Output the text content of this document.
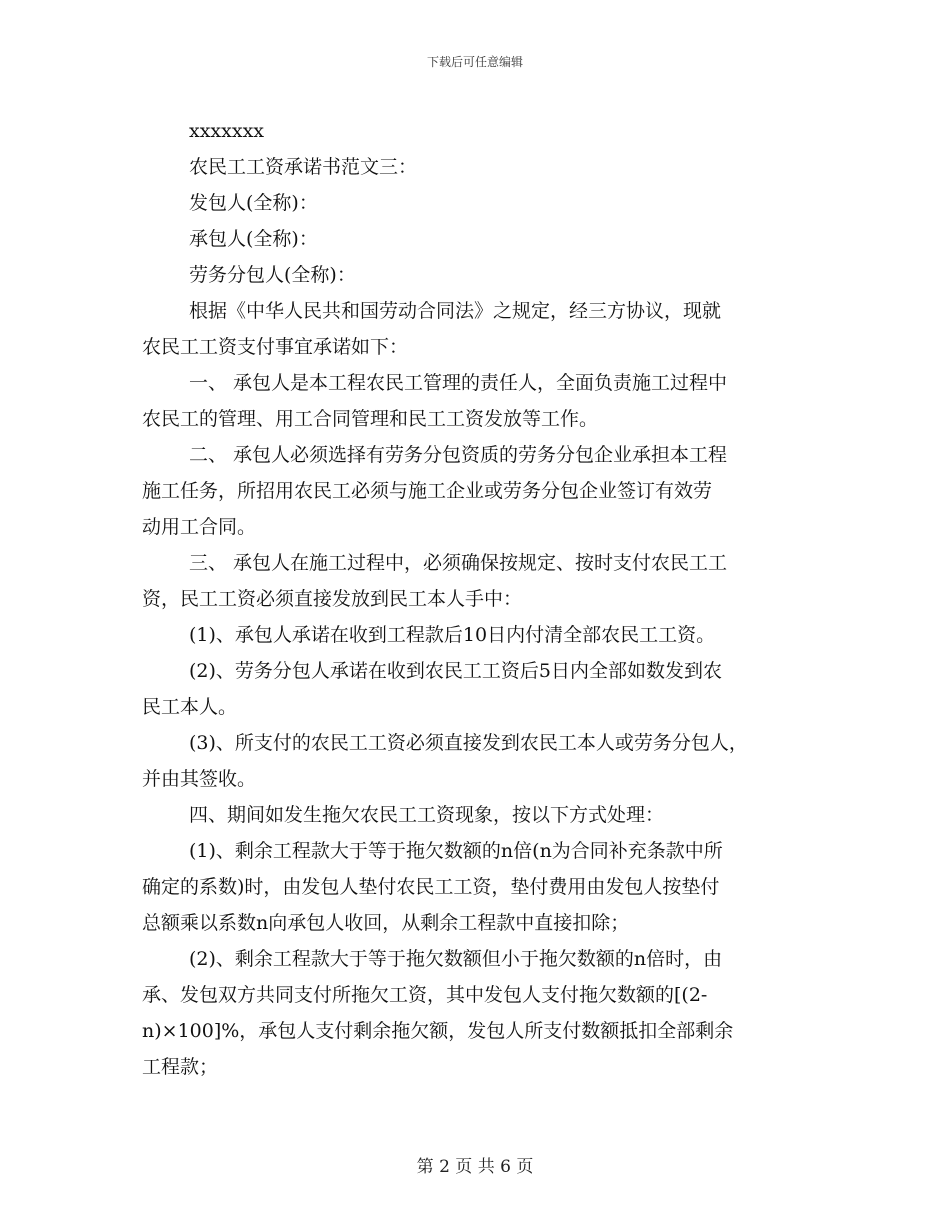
下载后可任意编辑
xxxxxxx
农民工工资承诺书范文三：
发包人(全称)：
承包人(全称)：
劳务分包人(全称)：
根据《中华人民共和国劳动合同法》之规定，经三方协议，现就
农民工工资支付事宜承诺如下：
一、 承包人是本工程农民工管理的责任人，全面负责施工过程中
农民工的管理、用工合同管理和民工工资发放等工作。
二、 承包人必须选择有劳务分包资质的劳务分包企业承担本工程
施工任务，所招用农民工必须与施工企业或劳务分包企业签订有效劳
动用工合同。
三、 承包人在施工过程中，必须确保按规定、按时支付农民工工
资，民工工资必须直接发放到民工本人手中：
(1)、承包人承诺在收到工程款后10日内付清全部农民工工资。
(2)、劳务分包人承诺在收到农民工工资后5日内全部如数发到农
民工本人。
(3)、所支付的农民工工资必须直接发到农民工本人或劳务分包人，
并由其签收。
四、期间如发生拖欠农民工工资现象，按以下方式处理：
(1)、剩余工程款大于等于拖欠数额的n倍(n为合同补充条款中所
确定的系数)时，由发包人垫付农民工工资，垫付费用由发包人按垫付
总额乘以系数n向承包人收回，从剩余工程款中直接扣除；
(2)、剩余工程款大于等于拖欠数额但小于拖欠数额的n倍时，由
承、发包双方共同支付所拖欠工资，其中发包人支付拖欠数额的[(2-
n)×100]%，承包人支付剩余拖欠额，发包人所支付数额抵扣全部剩余
工程款；
第 2 页 共 6 页
